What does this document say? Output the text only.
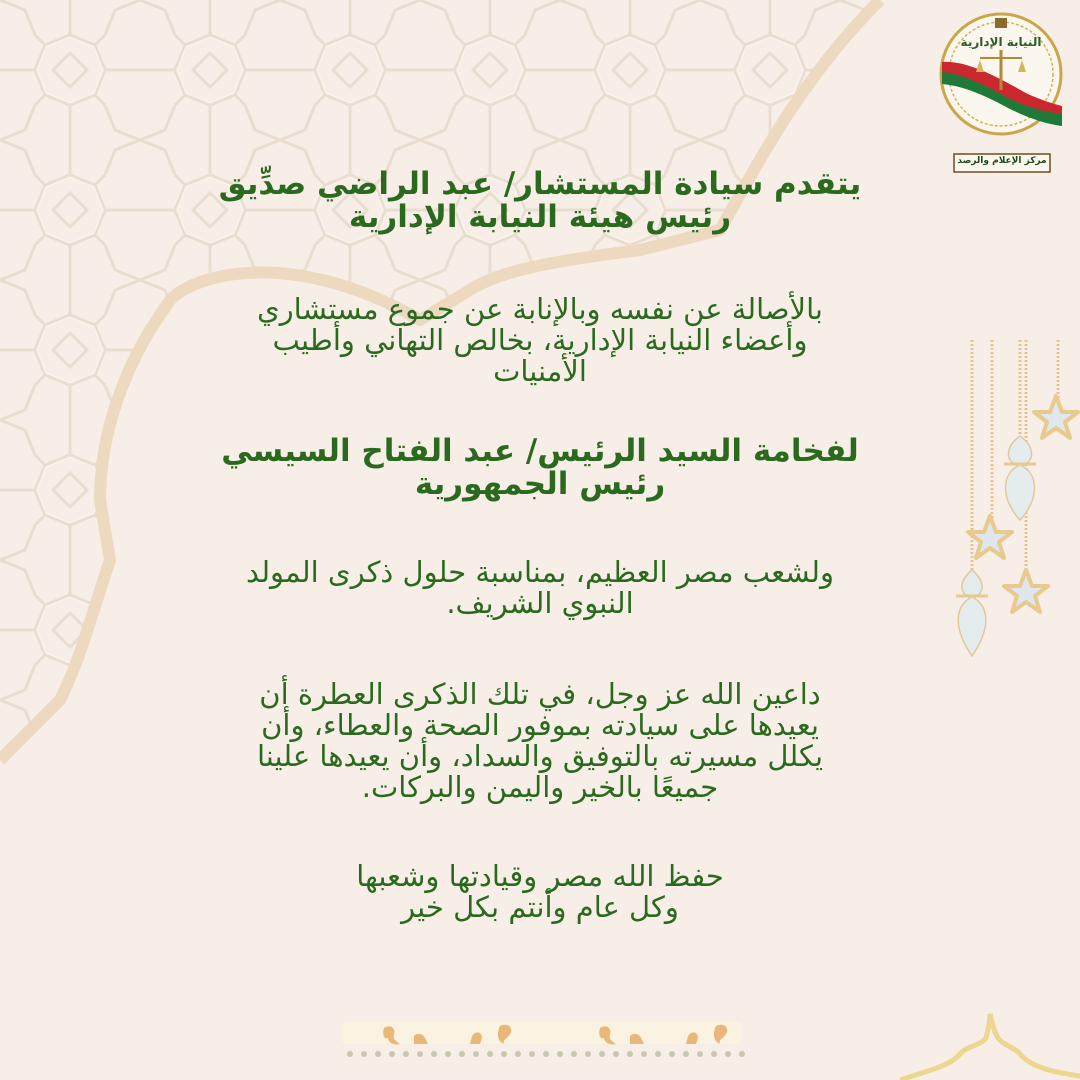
النيابة الإدارية
مركز الإعلام والرصد
يتقدم سيادة المستشار/ عبد الراضي صدِّيق
رئيس هيئة النيابة الإدارية
بالأصالة عن نفسه وبالإنابة عن جموع مستشاري
وأعضاء النيابة الإدارية، بخالص التهاني وأطيب
الأمنيات
لفخامة السيد الرئيس/ عبد الفتاح السيسي
رئيس الجمهورية
ولشعب مصر العظيم، بمناسبة حلول ذكرى المولد
النبوي الشريف.
داعين الله عز وجل، في تلك الذكرى العطرة أن
يعيدها على سيادته بموفور الصحة والعطاء، وأن
يكلل مسيرته بالتوفيق والسداد، وأن يعيدها علينا
جميعًا بالخير واليمن والبركات.
حفظ الله مصر وقيادتها وشعبها
وكل عام وأنتم بكل خير
